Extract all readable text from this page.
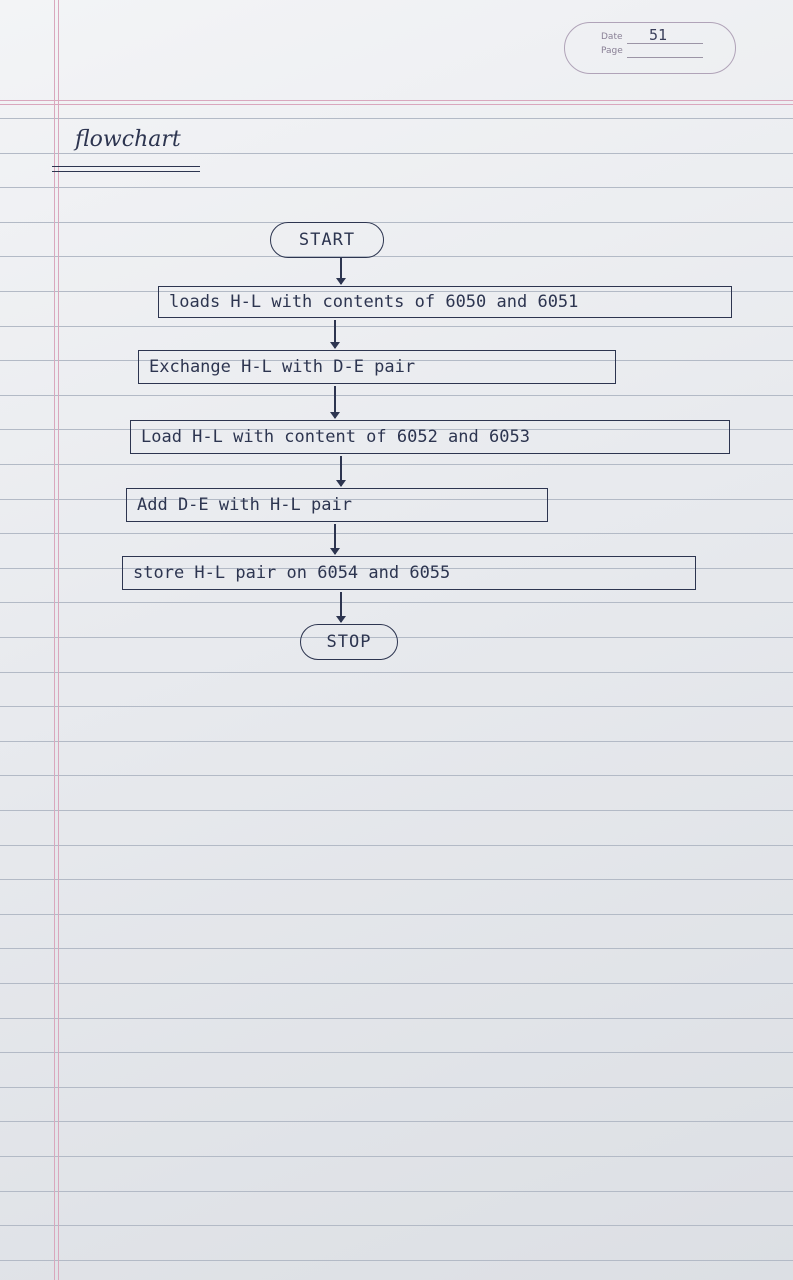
Date
Page
51
flowchart
START
loads H-L with contents of 6050 and 6051
Exchange H-L with D-E pair
Load H-L with content of 6052 and 6053
Add D-E with H-L pair
store H-L pair on 6054 and 6055
STOP
